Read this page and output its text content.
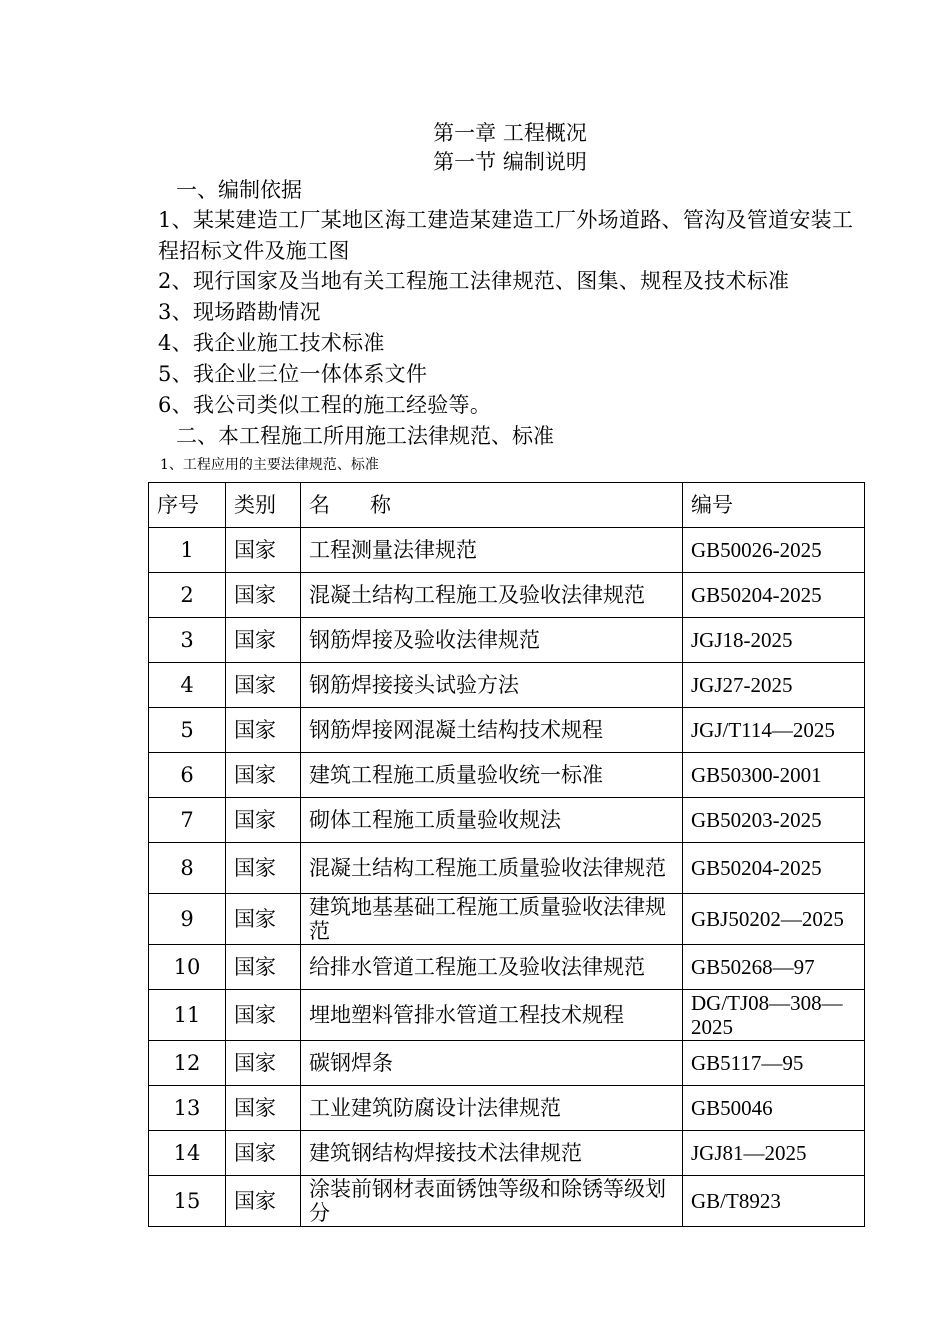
第一章 工程概况
第一节 编制说明
一、编制依据
1、某某建造工厂某地区海工建造某建造工厂外场道路、管沟及管道安装工程招标文件及施工图
2、现行国家及当地有关工程施工法律规范、图集、规程及技术标准
3、现场踏勘情况
4、我企业施工技术标准
5、我企业三位一体体系文件
6、我公司类似工程的施工经验等。
二、本工程施工所用施工法律规范、标准
1、工程应用的主要法律规范、标准
序号	类别	名      称	编号
1	国家	工程测量法律规范	GB50026-2025
2	国家	混凝土结构工程施工及验收法律规范	GB50204-2025
3	国家	钢筋焊接及验收法律规范	JGJ18-2025
4	国家	钢筋焊接接头试验方法	JGJ27-2025
5	国家	钢筋焊接网混凝土结构技术规程	JGJ/T114—2025
6	国家	建筑工程施工质量验收统一标准	GB50300-2001
7	国家	砌体工程施工质量验收规法	GB50203-2025
8	国家	混凝土结构工程施工质量验收法律规范	GB50204-2025
9	国家	建筑地基基础工程施工质量验收法律规范	GBJ50202—2025
10	国家	给排水管道工程施工及验收法律规范	GB50268—97
11	国家	埋地塑料管排水管道工程技术规程	DG/TJ08—308—2025
12	国家	碳钢焊条	GB5117—95
13	国家	工业建筑防腐设计法律规范	GB50046
14	国家	建筑钢结构焊接技术法律规范	JGJ81—2025
15	国家	涂装前钢材表面锈蚀等级和除锈等级划分	GB/T8923
